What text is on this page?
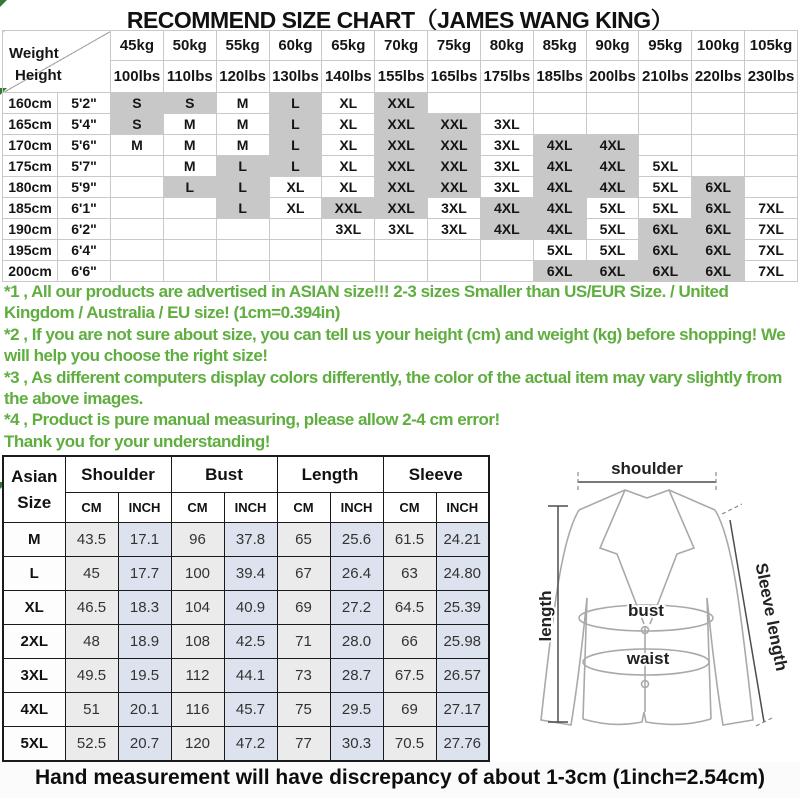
RECOMMEND SIZE CHART（JAMES WANG KING）
Weight
Height		45kg	50kg	55kg	60kg	65kg	70kg	75kg	80kg	85kg	90kg	95kg	100kg	105kg
		100lbs	110lbs	120lbs	130lbs	140lbs	155lbs	165lbs	175lbs	185lbs	200lbs	210lbs	220lbs	230lbs
160cm	5'2"	S	S	M	L	XL	XXL							
165cm	5'4"	S	M	M	L	XL	XXL	XXL	3XL					
170cm	5'6"	M	M	M	L	XL	XXL	XXL	3XL	4XL	4XL			
175cm	5'7"		M	L	L	XL	XXL	XXL	3XL	4XL	4XL	5XL		
180cm	5'9"		L	L	XL	XL	XXL	XXL	3XL	4XL	4XL	5XL	6XL	
185cm	6'1"			L	XL	XXL	XXL	3XL	4XL	4XL	5XL	5XL	6XL	7XL
190cm	6'2"					3XL	3XL	3XL	4XL	4XL	5XL	6XL	6XL	7XL
195cm	6'4"									5XL	5XL	6XL	6XL	7XL
200cm	6'6"									6XL	6XL	6XL	6XL	7XL

*1 , All our products are advertised in ASIAN size!!! 2-3 sizes Smaller than US/EUR Size. / United Kingdom / Australia / EU size! (1cm=0.394in)

*2 , If you are not sure about size, you can tell us your height (cm) and weight (kg) before shopping! We will help you choose the right size!

*3 , As different computers display colors differently, the color of the actual item may vary slightly from the above images.

*4 , Product is pure manual measuring, please allow 2-4 cm error!

Thank you for your understanding!

Asian
Size	Shoulder		Bust		Length		Sleeve	
	CM	INCH	CM	INCH	CM	INCH	CM	INCH
M	43.5	17.1	96	37.8	65	25.6	61.5	24.21
L	45	17.7	100	39.4	67	26.4	63	24.80
XL	46.5	18.3	104	40.9	69	27.2	64.5	25.39
2XL	48	18.9	108	42.5	71	28.0	66	25.98
3XL	49.5	19.5	112	44.1	73	28.7	67.5	26.57
4XL	51	20.1	116	45.7	75	29.5	69	27.17
5XL	52.5	20.7	120	47.2	77	30.3	70.5	27.76
shoulder
length	bust
waist	Sleeve length
Hand measurement will have discrepancy of about 1-3cm (1inch=2.54cm)
